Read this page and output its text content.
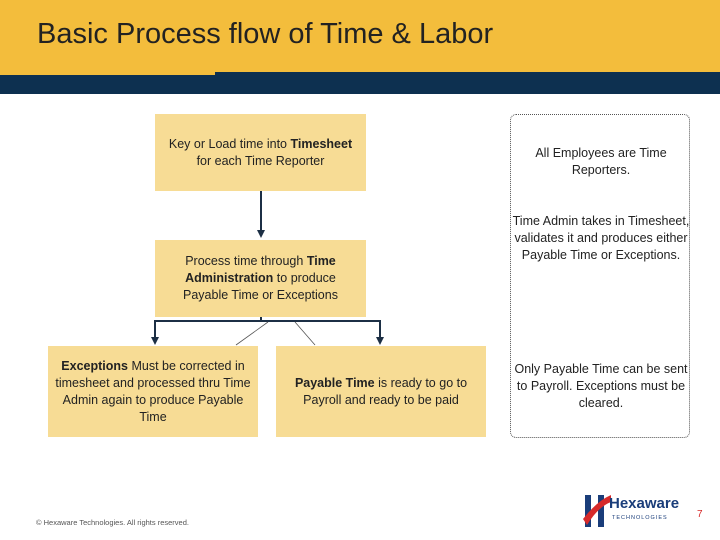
Basic Process flow of Time & Labor
Key or Load time into Timesheet for each Time Reporter
Process time through Time Administration to produce Payable Time or Exceptions
Exceptions Must be corrected in timesheet and processed thru Time Admin again to produce Payable Time
Payable Time is ready to go to Payroll and ready to be paid
All Employees are Time Reporters.
Time Admin takes in Timesheet, validates it and produces either Payable Time or Exceptions.
Only Payable Time can be sent to Payroll. Exceptions must be cleared.
© Hexaware Technologies. All rights reserved.
Hexaware
TECHNOLOGIES	7
